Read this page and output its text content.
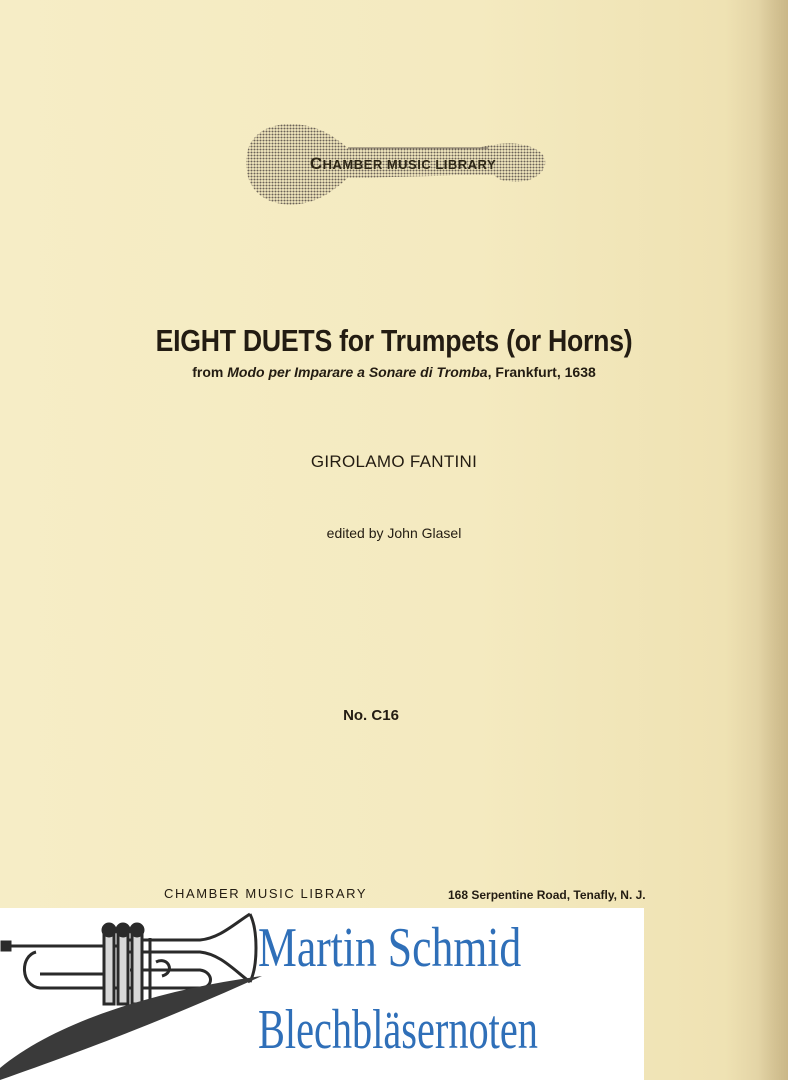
CHAMBER MUSIC LIBRARY
EIGHT DUETS for Trumpets (or Horns)
from Modo per Imparare a Sonare di Tromba, Frankfurt, 1638
GIROLAMO FANTINI
edited by John Glasel
No. C16
CHAMBER MUSIC LIBRARY	168 Serpentine Road, Tenafly, N. J.
Martin Schmid
Blechbläsernoten
